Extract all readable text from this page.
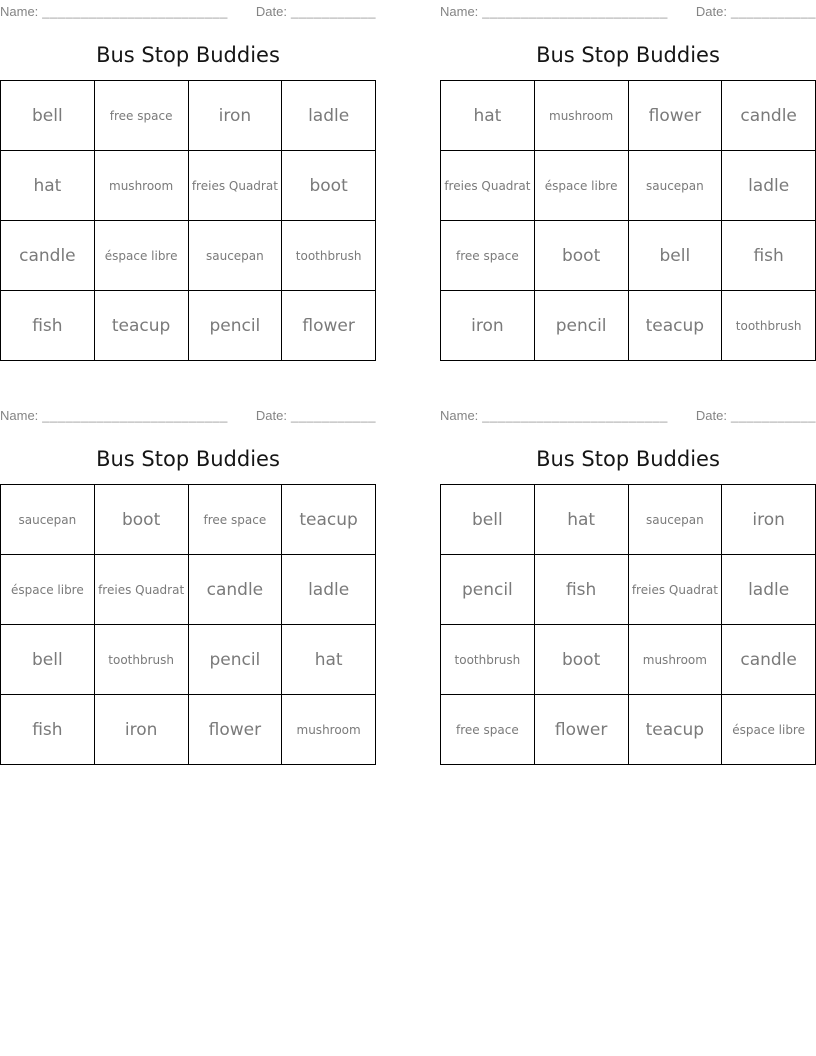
Name: ________________________ Date: ___________
Bus Stop Buddies
bell	free space	iron	ladle
hat	mushroom	freies Quadrat	boot
candle	éspace libre	saucepan	toothbrush
fish	teacup	pencil	flower
Name: ________________________ Date: ___________
Bus Stop Buddies
hat	mushroom	flower	candle
freies Quadrat	éspace libre	saucepan	ladle
free space	boot	bell	fish
iron	pencil	teacup	toothbrush
Name: ________________________ Date: ___________
Bus Stop Buddies
saucepan	boot	free space	teacup
éspace libre	freies Quadrat	candle	ladle
bell	toothbrush	pencil	hat
fish	iron	flower	mushroom
Name: ________________________ Date: ___________
Bus Stop Buddies
bell	hat	saucepan	iron
pencil	fish	freies Quadrat	ladle
toothbrush	boot	mushroom	candle
free space	flower	teacup	éspace libre
